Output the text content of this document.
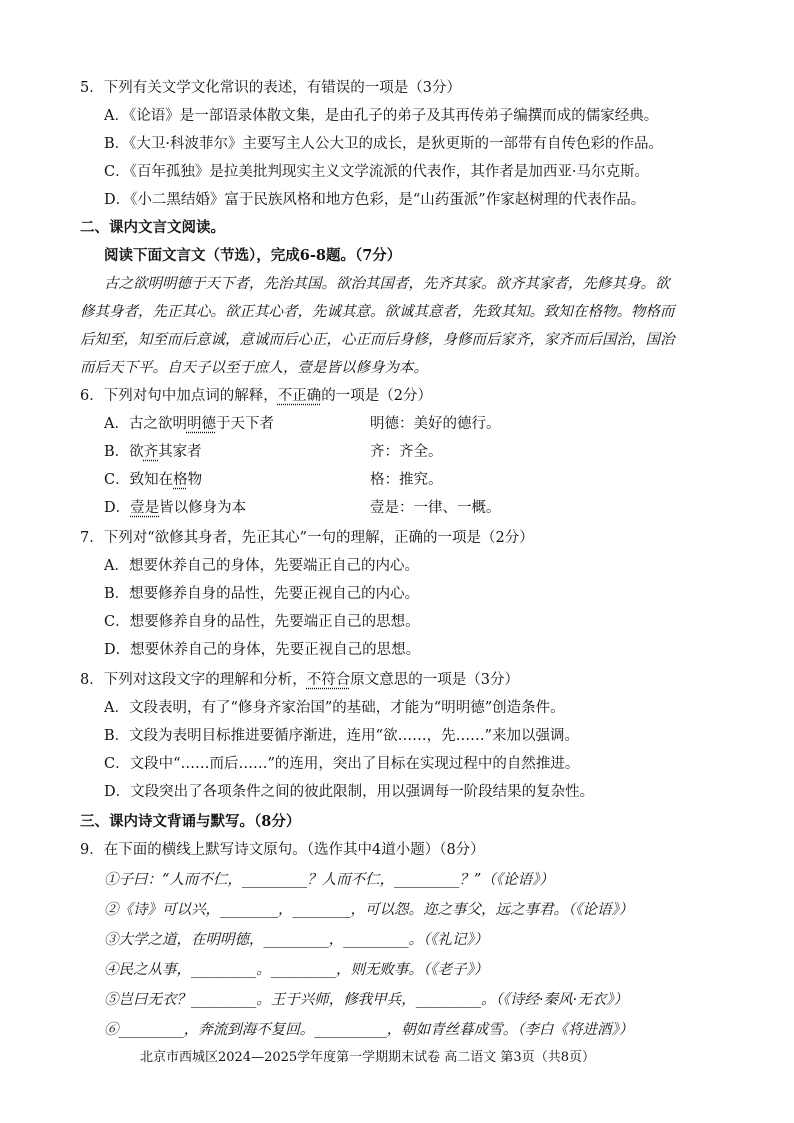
5．下列有关文学文化常识的表述，有错误的一项是（3分）
A．《论语》是一部语录体散文集，是由孔子的弟子及其再传弟子编撰而成的儒家经典。
B．《大卫·科波菲尔》主要写主人公大卫的成长，是狄更斯的一部带有自传色彩的作品。
C．《百年孤独》是拉美批判现实主义文学流派的代表作，其作者是加西亚·马尔克斯。
D．《小二黑结婚》富于民族风格和地方色彩，是“山药蛋派”作家赵树理的代表作品。
二、课内文言文阅读。
阅读下面文言文（节选），完成6-8题。（7分）
古之欲明明德于天下者，先治其国。欲治其国者，先齐其家。欲齐其家者，先修其身。欲
修其身者，先正其心。欲正其心者，先诚其意。欲诚其意者，先致其知。致知在格物。物格而
后知至，知至而后意诚，意诚而后心正，心正而后身修，身修而后家齐，家齐而后国治，国治
而后天下平。自天子以至于庶人，壹是皆以修身为本。
6．下列对句中加点词的解释，不正确的一项是（2分）
A．古之欲明明德于天下者	明德：美好的德行。
B．欲齐其家者	齐：齐全。
C．致知在格物	格：推究。
D．壹是皆以修身为本	壹是：一律、一概。
7．下列对“欲修其身者，先正其心”一句的理解，正确的一项是（2分）
A．想要休养自己的身体，先要端正自己的内心。
B．想要修养自身的品性，先要正视自己的内心。
C．想要修养自身的品性，先要端正自己的思想。
D．想要休养自己的身体，先要正视自己的思想。
8．下列对这段文字的理解和分析，不符合原文意思的一项是（3分）
A．文段表明，有了“修身齐家治国”的基础，才能为“明明德”创造条件。
B．文段为表明目标推进要循序渐进，连用“欲……，先……”来加以强调。
C．文段中“……而后……”的连用，突出了目标在实现过程中的自然推进。
D．文段突出了各项条件之间的彼此限制，用以强调每一阶段结果的复杂性。
三、课内诗文背诵与默写。（8分）
9．在下面的横线上默写诗文原句。（选作其中4道小题）（8分）
①子曰：“人而不仁，_________？人而不仁，_________？”（《论语》）
②《诗》可以兴，________，________，可以怨。迩之事父，远之事君。（《论语》）
③大学之道，在明明德，_________，_________。（《礼记》）
④民之从事，_________。_________，则无败事。（《老子》）
⑤岂曰无衣？_________。王于兴师，修我甲兵，_________。（《诗经·秦风·无衣》）
⑥_________，奔流到海不复回。__________，朝如青丝暮成雪。（李白《将进酒》）
北京市西城区2024—2025学年度第一学期期末试卷 高二语文 第3页（共8页）
